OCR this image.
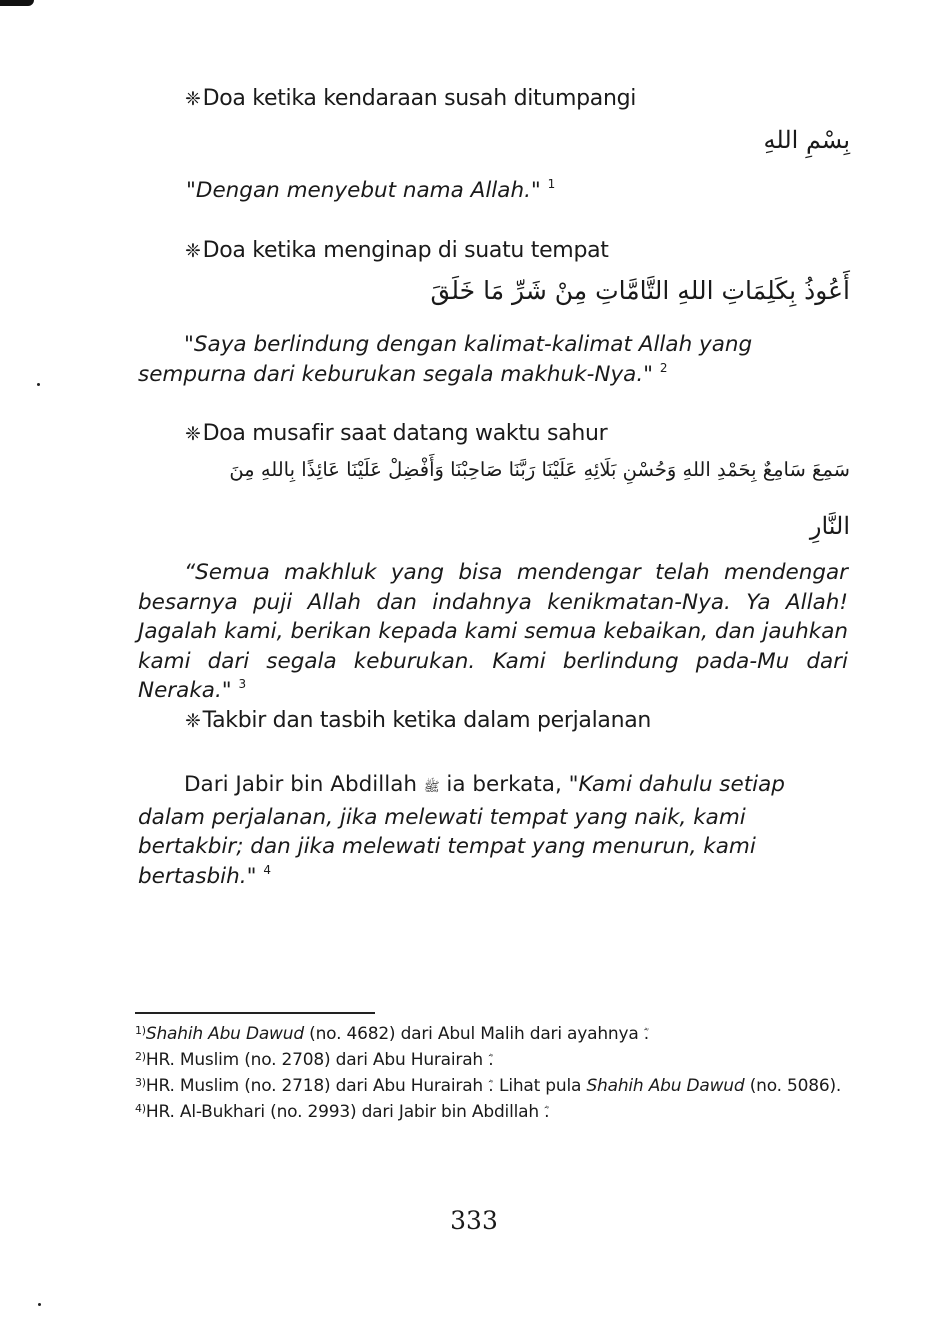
❈Doa ketika kendaraan susah ditumpangi
بِسْمِ اللهِ
"Dengan menyebut nama Allah." $^1$
❈Doa ketika menginap di suatu tempat
أَعُوذُ بِكَلِمَاتِ اللهِ التَّامَّاتِ مِنْ شَرِّ مَا خَلَقَ
"Saya berlindung dengan kalimat-kalimat Allah yang sempurna dari keburukan segala makhuk-Nya." $^2$
❈Doa musafir saat datang waktu sahur
سَمِعَ سَامِعٌ بِحَمْدِ اللهِ وَحُسْنِ بَلَائِهِ عَلَيْنَا رَبَّنَا صَاحِبْنَا وَأَفْضِلْ عَلَيْنَا عَائِذًا بِاللهِ مِنَ
النَّارِ
“Semua makhluk yang bisa mendengar telah mendengar besarnya puji Allah dan indahnya kenikmatan-Nya. Ya Allah! Jagalah kami, berikan kepada kami semua kebaikan, dan jauhkan kami dari segala keburukan. Kami berlindung pada-Mu dari Neraka." $^3$
❈Takbir dan tasbih ketika dalam perjalanan
Dari Jabir bin Abdillah ﷺ ia berkata, "Kami dahulu setiap dalam perjalanan, jika melewati tempat yang naik, kami bertakbir; dan jika melewati tempat yang menurun, kami bertasbih." $^4$

$^{1)}$Shahih Abu Dawud (no. 4682) dari Abul Malih dari ayahnya .

$^{2)}$HR. Muslim (no. 2708) dari Abu Hurairah .

$^{3)}$HR. Muslim (no. 2718) dari Abu Hurairah . Lihat pula Shahih Abu Dawud (no. 5086).

$^{4)}$HR. Al-Bukhari (no. 2993) dari Jabir bin Abdillah .

333
